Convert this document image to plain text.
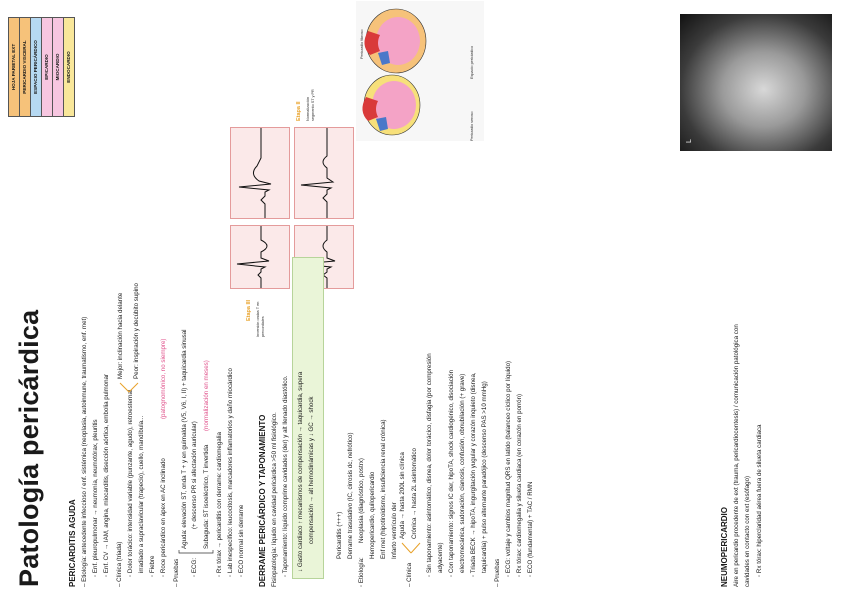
Patología pericárdica
HOJA PARIETAL EXT	PERICARDIO VISCERAL	ESPACIO PERICÁRDICO	EPICARDIO	MIOCARDIO	ENDOCARDIO
PERICARDITIS AGUDA – Etiología: antecedente infeccioso / enf. sistémica (neoplasia, autoinmune, traumatismo, enf. met) ◦ Enf. pleuropulmonar → neumonía, neumotórax, pleuritis ◦ Enf. CV → IAM, angina, miocarditis, disección aórtica, embolia pulmonar – Clínica (triada) ◦ Dolor torácico: intensidad variable (punzante, agudo), retroesternal irradiado a supraclavicular (trapecio), cuello, mandíbula... ◦ Fiebre ◦ Roce pericárdico en ápex en AC inclinado
(patognomónico, no siempre)
Mejor: inclinación hacia delante	Peor: inspiración y decúbito supino
– Pruebas	◦ ECG:
Aguda: elevación ST, onda T + y en guirnalda (V5, V6, I, II) + taquicardia sinusal (+ descenso PR si afectación auricular) Subaguda: ST isoeléctrico, T invertida
(normalización en meses)
◦ Rx tórax → pericarditis con derrame: cardiomegalia ◦ Lab inespecífico: leucocitosis, marcadores inflamatorios y daño miocárdico ◦ ECO normal sin derrame
Etapa II Normalización segmento ST y PR
Etapa III Inversión ondas T en precordiales
Pericardio seroso
Espacio pericárdico
Pericardio fibroso
DERRAME PERICÁRDICO Y TAPONAMIENTO Fisiopatología: líquido en cavidad pericárdica >50 ml fisiológico. ◦ Taponamiento: líquido comprime cavidades (der) y alt llenado diastólico.	↓ Gasto cardiaco ↑ mecanismos de compensación → taquicardia, supera compensación → alt hemodinámicas y ↓ GC → shock	Pericarditis (+++) Derrame trasudativo (IC, cirrosis dc, nefrótico)
◦ Etiología:
Neoplasia (diagnóstico, postrx) Hemopericardio, quilopericardio Enf met (hipotiroidismo, insuficiencia renal crónica) Infarto ventrículo der
– Clínica
Aguda → hasta 200L sin clínica Crónica → hasta 2L asintomático	◦ Sin taponamiento: asintomático, disnea, dolor torácico, disfagia (por compresión adyacente) ◦ Con taponamiento: signos IC der, hipoTA, shock cardiogénico, disociación electromecánica, sudoración, cianosis, confusión, obnubilación (+ grave) ◦ Triada BECK → hipoTA, ingurgitación yugular y corazón inquieto (disnea, taquicardia) + pulso alternante paradójico (descenso PAS >10 mmHg) – Pruebas ◦ ECG: voltaje y cambios magnitud QRS en latido (balanceo cíclico por líquido) ◦ Rx tórax: cardiomegalia y silueta cardiaca (en corazón en porrón) ◦ ECO (fundamental) + TAC / RMN	NEUMOPERICARDIO Aire en pericardio procedente de ext (trauma, pericardiocentesis) / comunicación patológica con cavidades en contacto con ext (esófago) ◦ Rx tórax: hiperclaridad aérea fuera de silueta cardiaca
L
